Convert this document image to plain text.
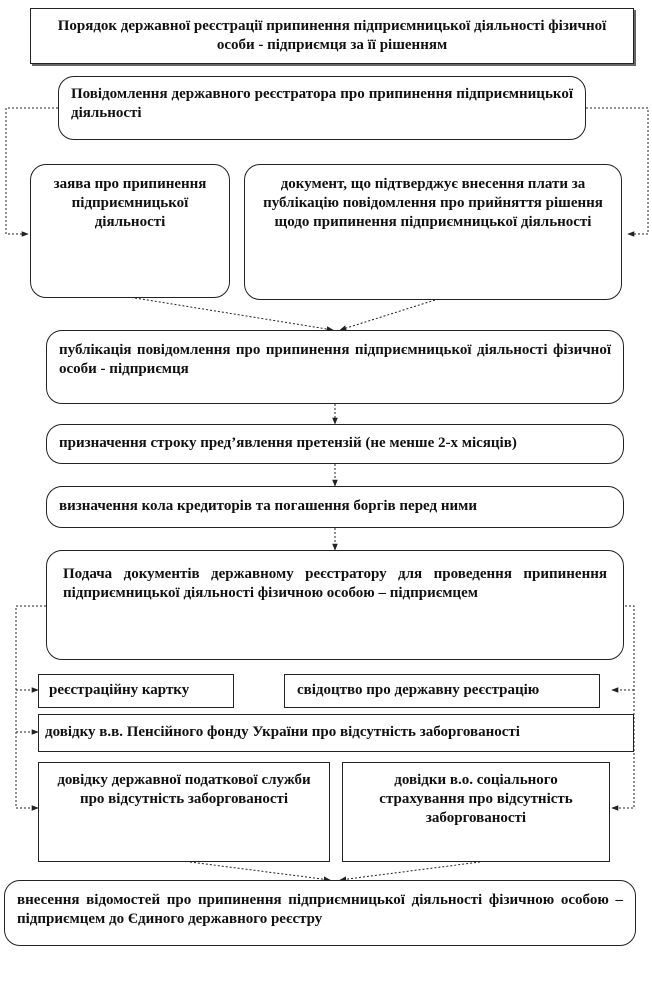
Порядок державної реєстрації припинення підприємницької діяльності фізичної особи - підприємця за її рішенням
Повідомлення державного реєстратора про припинення підприємницької діяльності
заява про припинення підприємницької діяльності
документ, що підтверджує внесення плати за публікацію повідомлення про прийняття рішення щодо припинення підприємницької діяльності
публікація повідомлення про припинення підприємницької діяльності фізичної особи - підприємця
призначення строку пред’явлення претензій (не менше 2-х місяців)
визначення кола кредиторів та погашення боргів перед ними
Подача документів державному реєстратору для проведення припинення підприємницької діяльності фізичною особою – підприємцем
реєстраційну картку	свідоцтво про державну реєстрацію
довідку в.в. Пенсійного фонду України про відсутність заборгованості
довідку державної податкової служби про відсутність заборгованості
довідки в.о. соціального страхування про відсутність заборгованості
внесення відомостей про припинення підприємницької діяльності фізичною особою – підприємцем до Єдиного державного реєстру
